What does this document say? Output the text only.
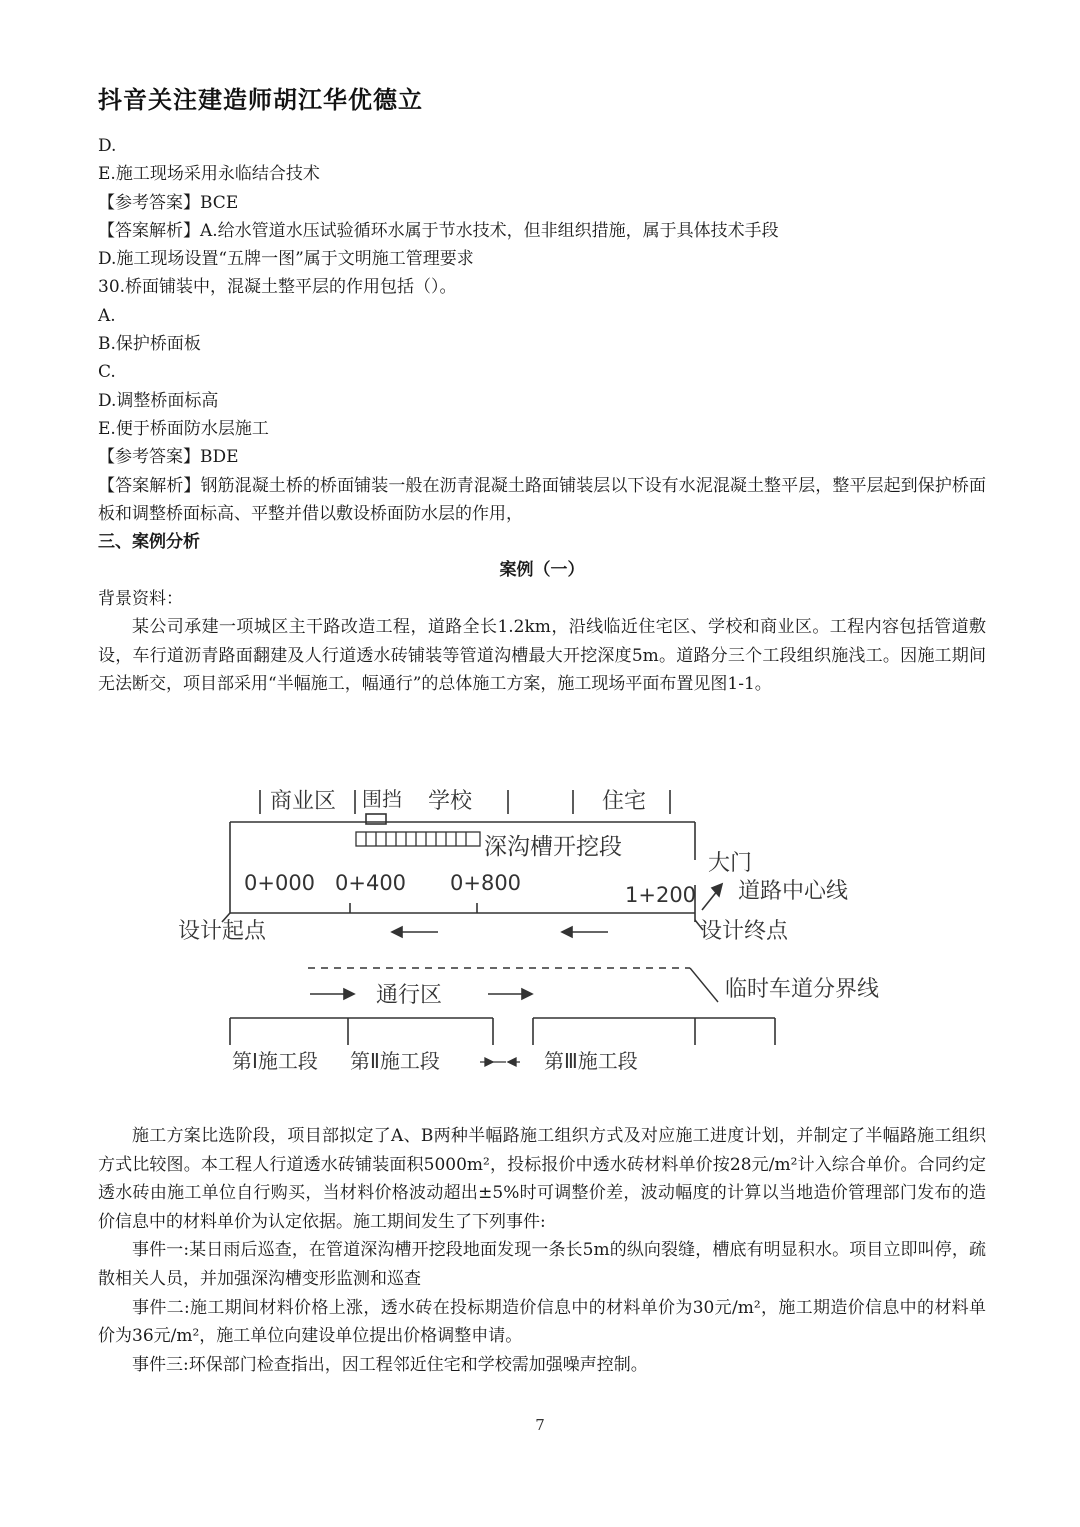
抖音关注建造师胡江华优德立
D.
E.施工现场采用永临结合技术
【参考答案】BCE
【答案解析】A.给水管道水压试验循环水属于节水技术，但非组织措施，属于具体技术手段
D.施工现场设置“五牌一图”属于文明施工管理要求
30.桥面铺装中，混凝土整平层的作用包括（）。
A.
B.保护桥面板
C.
D.调整桥面标高
E.便于桥面防水层施工
【参考答案】BDE
【答案解析】钢筋混凝土桥的桥面铺装一般在沥青混凝土路面铺装层以下设有水泥混凝土整平层，整平层起到保护桥面板和调整桥面标高、平整并借以敷设桥面防水层的作用，
三、案例分析
案例（一）
背景资料：
某公司承建一项城区主干路改造工程，道路全长1.2km，沿线临近住宅区、学校和商业区。工程内容包括管道敷设，车行道沥青路面翻建及人行道透水砖铺装等管道沟槽最大开挖深度5m。道路分三个工段组织施浅工。因施工期间无法断交，项目部采用“半幅施工，幅通行”的总体施工方案，施工现场平面布置见图1-1。
商业区 围挡 学校	住宅
深沟槽开挖段
大门
0+000 0+400 0+800	1+200 道路中心线
设计起点	设计终点
通行区	临时车道分界线
第Ⅰ施工段 第Ⅱ施工段	第Ⅲ施工段
施工方案比选阶段，项目部拟定了A、B两种半幅路施工组织方式及对应施工进度计划，并制定了半幅路施工组织方式比较图。本工程人行道透水砖铺装面积5000m²，投标报价中透水砖材料单价按28元/m²计入综合单价。合同约定透水砖由施工单位自行购买，当材料价格波动超出±5%时可调整价差，波动幅度的计算以当地造价管理部门发布的造价信息中的材料单价为认定依据。施工期间发生了下列事件:
事件一:某日雨后巡查，在管道深沟槽开挖段地面发现一条长5m的纵向裂缝，槽底有明显积水。项目立即叫停，疏散相关人员，并加强深沟槽变形监测和巡查
事件二:施工期间材料价格上涨，透水砖在投标期造价信息中的材料单价为30元/m²，施工期造价信息中的材料单价为36元/m²，施工单位向建设单位提出价格调整申请。
事件三:环保部门检查指出，因工程邻近住宅和学校需加强噪声控制。
7
